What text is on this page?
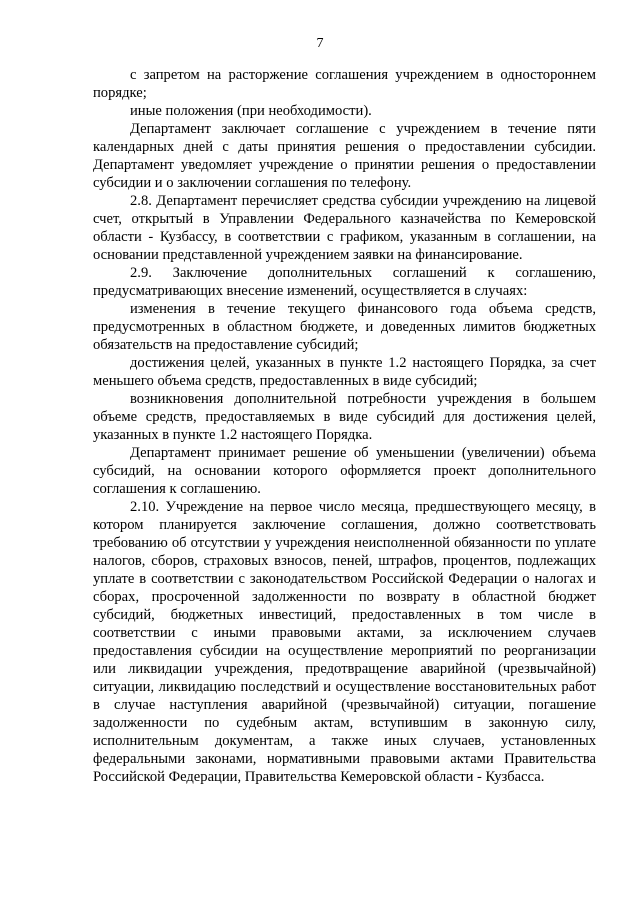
7

с запретом на расторжение соглашения учреждением в одностороннем порядке;

иные положения (при необходимости).

Департамент заключает соглашение с учреждением в течение пяти календарных дней с даты принятия решения о предоставлении субсидии. Департамент уведомляет учреждение о принятии решения о предоставлении субсидии и о заключении соглашения по телефону.

2.8. Департамент перечисляет средства субсидии учреждению на лицевой счет, открытый в Управлении Федерального казначейства по Кемеровской области - Кузбассу, в соответствии с графиком, указанным в соглашении, на основании представленной учреждением заявки на финансирование.

2.9. Заключение дополнительных соглашений к соглашению, предусматривающих внесение изменений, осуществляется в случаях:

изменения в течение текущего финансового года объема средств, предусмотренных в областном бюджете, и доведенных лимитов бюджетных обязательств на предоставление субсидий;

достижения целей, указанных в пункте 1.2 настоящего Порядка, за счет меньшего объема средств, предоставленных в виде субсидий;

возникновения дополнительной потребности учреждения в большем объеме средств, предоставляемых в виде субсидий для достижения целей, указанных в пункте 1.2 настоящего Порядка.

Департамент принимает решение об уменьшении (увеличении) объема субсидий, на основании которого оформляется проект дополнительного соглашения к соглашению.

2.10. Учреждение на первое число месяца, предшествующего месяцу, в котором планируется заключение соглашения, должно соответствовать требованию об отсутствии у учреждения неисполненной обязанности по уплате налогов, сборов, страховых взносов, пеней, штрафов, процентов, подлежащих уплате в соответствии с законодательством Российской Федерации о налогах и сборах, просроченной задолженности по возврату в областной бюджет субсидий, бюджетных инвестиций, предоставленных в том числе в соответствии с иными правовыми актами, за исключением случаев предоставления субсидии на осуществление мероприятий по реорганизации или ликвидации учреждения, предотвращение аварийной (чрезвычайной) ситуации, ликвидацию последствий и осуществление восстановительных работ в случае наступления аварийной (чрезвычайной) ситуации, погашение задолженности по судебным актам, вступившим в законную силу, исполнительным документам, а также иных случаев, установленных федеральными законами, нормативными правовыми актами Правительства Российской Федерации, Правительства Кемеровской области - Кузбасса.
